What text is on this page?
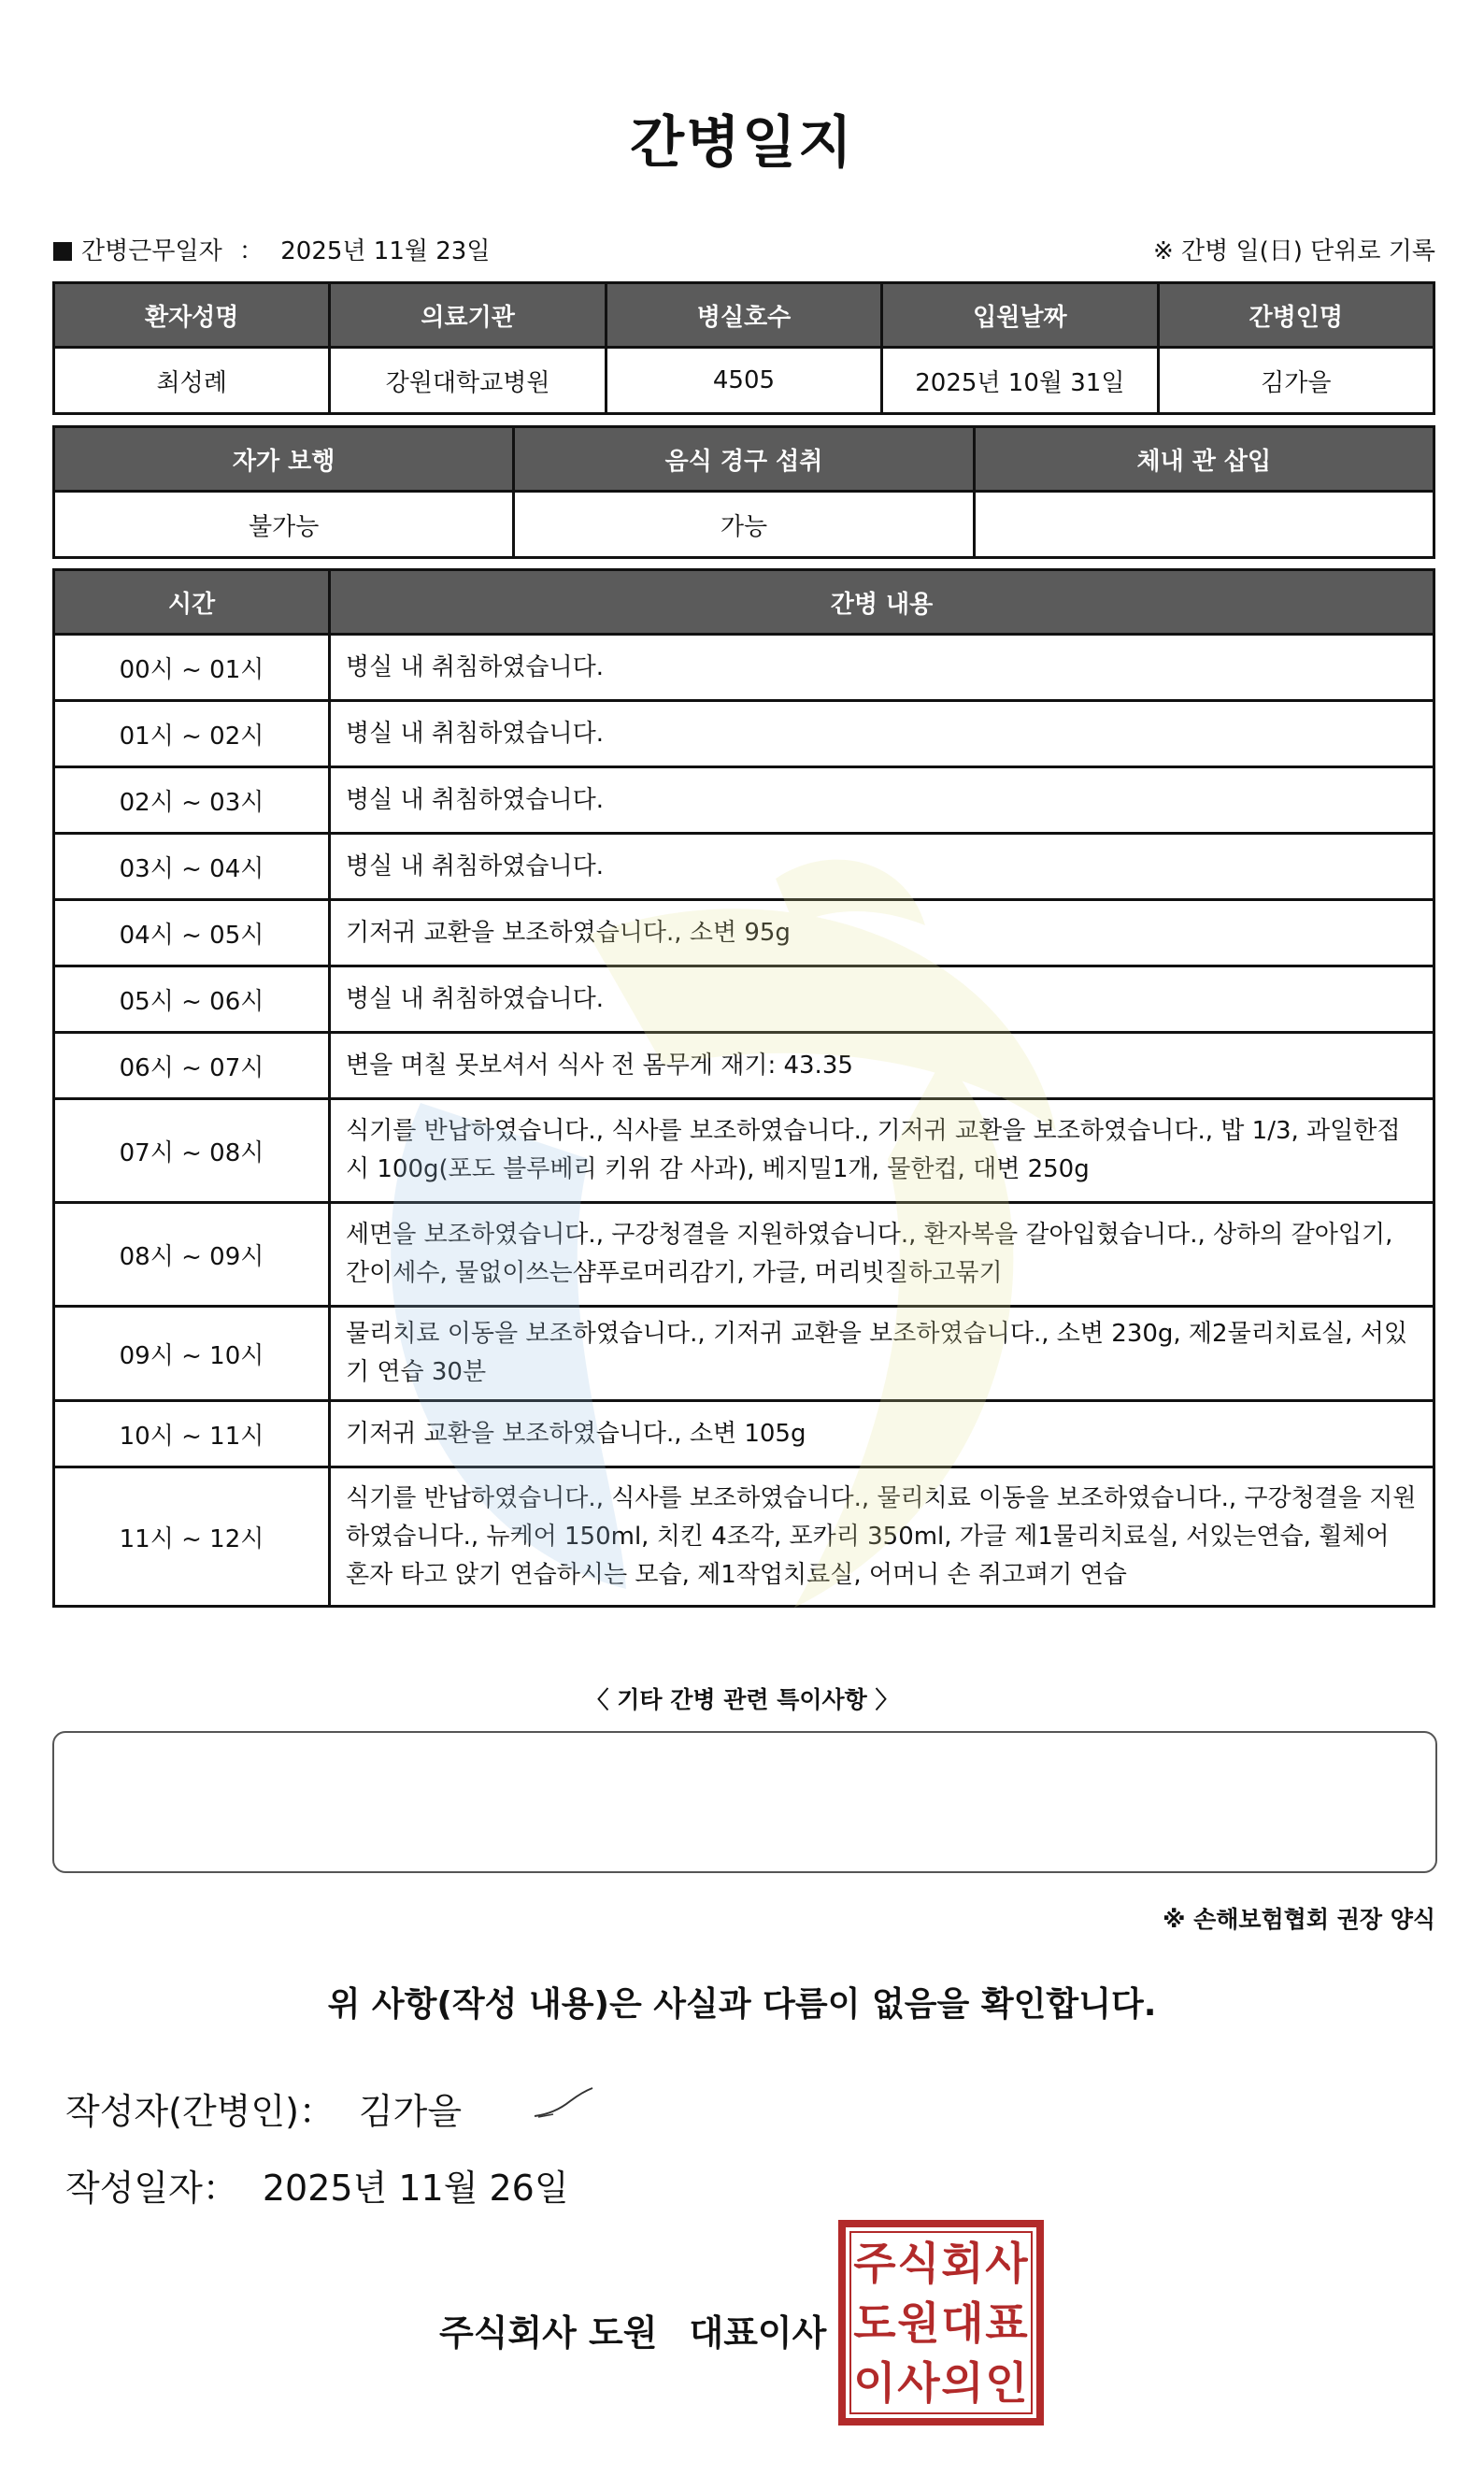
간병일지
간병근무일자 ： 2025년 11월 23일	※ 간병 일(日) 단위로 기록
환자성명	의료기관	병실호수	입원날짜	간병인명
최성례	강원대학교병원	4505	2025년 10월 31일	김가을
자가 보행	음식 경구 섭취	체내 관 삽입
불가능	가능	
시간	간병 내용
00시 ~ 01시	병실 내 취침하였습니다.
01시 ~ 02시	병실 내 취침하였습니다.
02시 ~ 03시	병실 내 취침하였습니다.
03시 ~ 04시	병실 내 취침하였습니다.
04시 ~ 05시	기저귀 교환을 보조하였습니다., 소변 95g
05시 ~ 06시	병실 내 취침하였습니다.
06시 ~ 07시	변을 며칠 못보셔서 식사 전 몸무게 재기: 43.35
07시 ~ 08시	식기를 반납하였습니다., 식사를 보조하였습니다., 기저귀 교환을 보조하였습니다., 밥 1/3, 과일한접시 100g(포도 블루베리 키위 감 사과), 베지밀1개, 물한컵, 대변 250g
08시 ~ 09시	세면을 보조하였습니다., 구강청결을 지원하였습니다., 환자복을 갈아입혔습니다., 상하의 갈아입기, 간이세수, 물없이쓰는샴푸로머리감기, 가글, 머리빗질하고묶기
09시 ~ 10시	물리치료 이동을 보조하였습니다., 기저귀 교환을 보조하였습니다., 소변 230g, 제2물리치료실, 서있기 연습 30분
10시 ~ 11시	기저귀 교환을 보조하였습니다., 소변 105g
11시 ~ 12시	식기를 반납하였습니다., 식사를 보조하였습니다., 물리치료 이동을 보조하였습니다., 구강청결을 지원하였습니다., 뉴케어 150ml, 치킨 4조각, 포카리 350ml, 가글 제1물리치료실, 서있는연습, 휠체어 혼자 타고 앉기 연습하시는 모습, 제1작업치료실, 어머니 손 쥐고펴기 연습
〈 기타 간병 관련 특이사항 〉
※ 손해보험협회 권장 양식
위 사항(작성 내용)은 사실과 다름이 없음을 확인합니다.
작성자(간병인)： 김가을
작성일자： 2025년 11월 26일
주식회사 도원 대표이사
주 식 회 사
도 원 대 표
이 사 의 인
